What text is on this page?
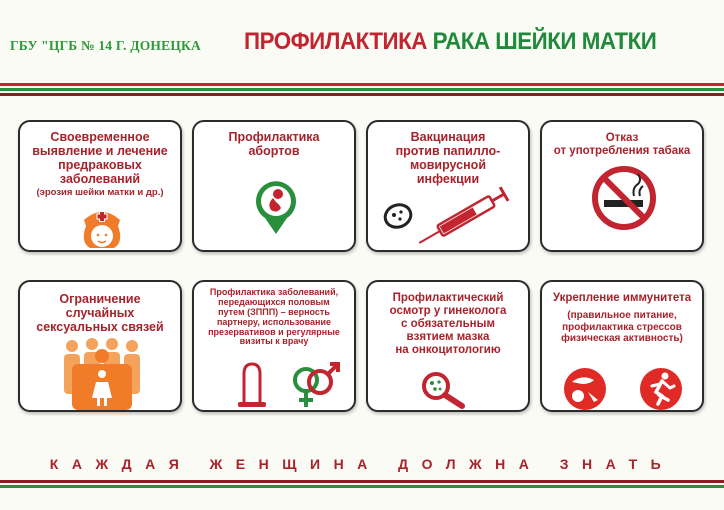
ГБУ "ЦГБ № 14 Г. ДОНЕЦКА ПРОФИЛАКТИКА РАКА ШЕЙКИ МАТКИ
Своевременное
выявление и лечение
предраковых
заболеваний
(эрозия шейки матки и др.)
Профилактика
абортов
Вакцинация
против папилло-
мовирусной
инфекции
Отказ
от употребления табака
Ограничение
случайных
сексуальных связей
Профилактика заболеваний,
передающихся половым
путем (ЗППП) – верность
партнеру, использование
презервативов и регулярные
визиты к врачу
Профилактический
осмотр у гинеколога
с обязательным
взятием мазка
на онкоцитологию
Укрепление иммунитета
(правильное питание,
профилактика стрессов
физическая активность)
КАЖДАЯ ЖЕНЩИНА ДОЛЖНА ЗНАТЬ
